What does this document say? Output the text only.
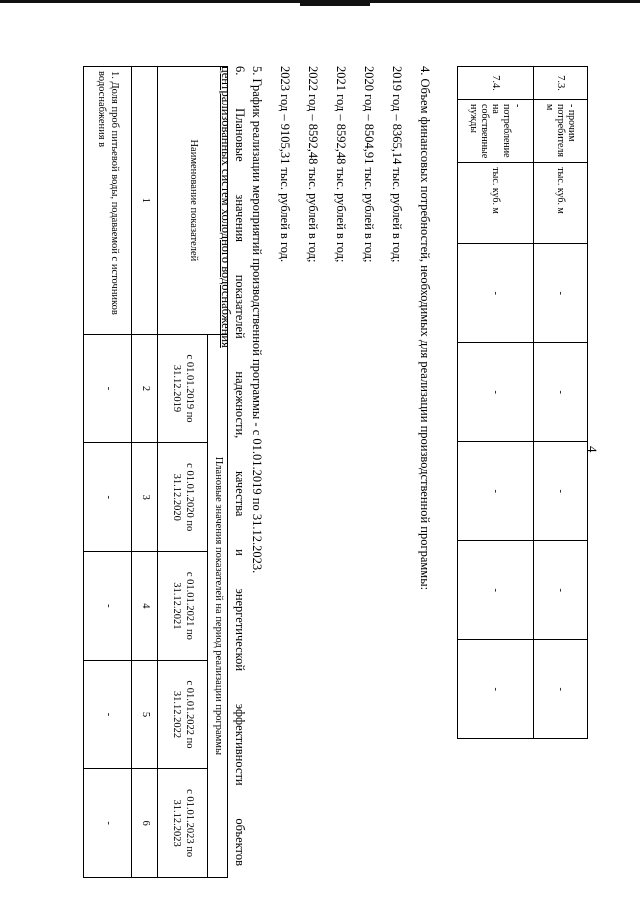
4
7.3.	- прочим потребителя м	тыс. куб. м	-	-	-	-	-
7.4.	- потребление на собственные нужды	тыс. куб. м	-	-	-	-	-
4. Объем финансовых потребностей, необходимых для реализации производственной программы:
2019 год – 8365,14 тыс. рублей в год;
2020 год – 8504,91 тыс. рублей в год;
2021 год – 8592,48 тыс. рублей в год;
2022 год – 8592,48 тыс. рублей в год;
2023 год – 9105,31 тыс. рублей в год.
5. График реализации мероприятий производственной программы - с 01.01.2019 по 31.12.2023.
6. Плановые значения показателей надежности, качества и энергетической эффективности объектов
централизованных систем холодного водоснабжения
Наименование показателей	Плановые значения показателей на период реализации программы				
	с 01.01.2019 по 31.12.2019	с 01.01.2020 по 31.12.2020	с 01.01.2021 по 31.12.2021	с 01.01.2022 по 31.12.2022	с 01.01.2023 по 31.12.2023
1	2	3	4	5	6
1. Доля проб питьевой воды, подаваемой с источников водоснабжения в	-	-	-	-	-
